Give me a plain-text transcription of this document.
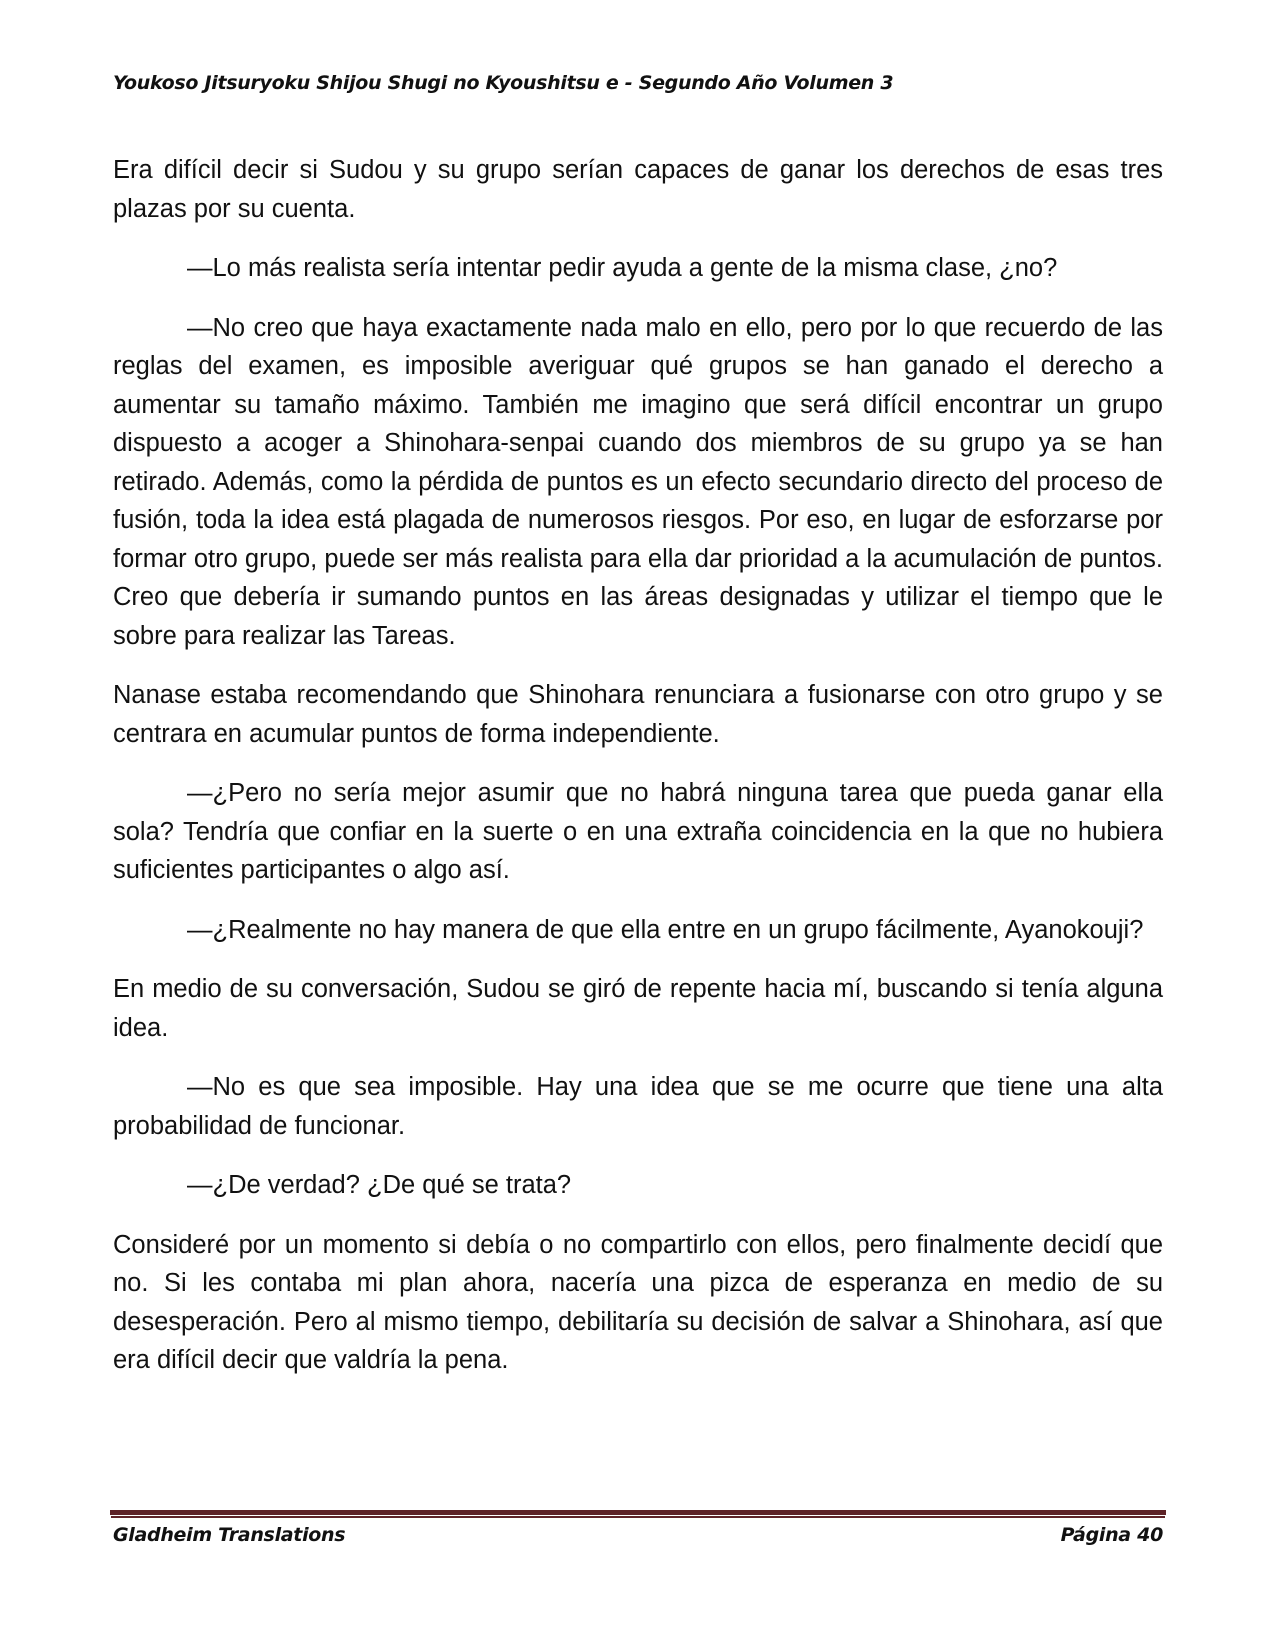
Youkoso Jitsuryoku Shijou Shugi no Kyoushitsu e - Segundo Año Volumen 3

Era difícil decir si Sudou y su grupo serían capaces de ganar los derechos de esas tres plazas por su cuenta.

—Lo más realista sería intentar pedir ayuda a gente de la misma clase, ¿no?

—No creo que haya exactamente nada malo en ello, pero por lo que recuerdo de las reglas del examen, es imposible averiguar qué grupos se han ganado el derecho a aumentar su tamaño máximo. También me imagino que será difícil encontrar un grupo dispuesto a acoger a Shinohara-senpai cuando dos miembros de su grupo ya se han retirado. Además, como la pérdida de puntos es un efecto secundario directo del proceso de fusión, toda la idea está plagada de numerosos riesgos. Por eso, en lugar de esforzarse por formar otro grupo, puede ser más realista para ella dar prioridad a la acumulación de puntos. Creo que debería ir sumando puntos en las áreas designadas y utilizar el tiempo que le sobre para realizar las Tareas.

Nanase estaba recomendando que Shinohara renunciara a fusionarse con otro grupo y se centrara en acumular puntos de forma independiente.

—¿Pero no sería mejor asumir que no habrá ninguna tarea que pueda ganar ella sola? Tendría que confiar en la suerte o en una extraña coincidencia en la que no hubiera suficientes participantes o algo así.

—¿Realmente no hay manera de que ella entre en un grupo fácilmente, Ayanokouji?

En medio de su conversación, Sudou se giró de repente hacia mí, buscando si tenía alguna idea.

—No es que sea imposible. Hay una idea que se me ocurre que tiene una alta probabilidad de funcionar.

—¿De verdad? ¿De qué se trata?

Consideré por un momento si debía o no compartirlo con ellos, pero finalmente decidí que no. Si les contaba mi plan ahora, nacería una pizca de esperanza en medio de su desesperación. Pero al mismo tiempo, debilitaría su decisión de salvar a Shinohara, así que era difícil decir que valdría la pena.

Gladheim Translations	Página 40
